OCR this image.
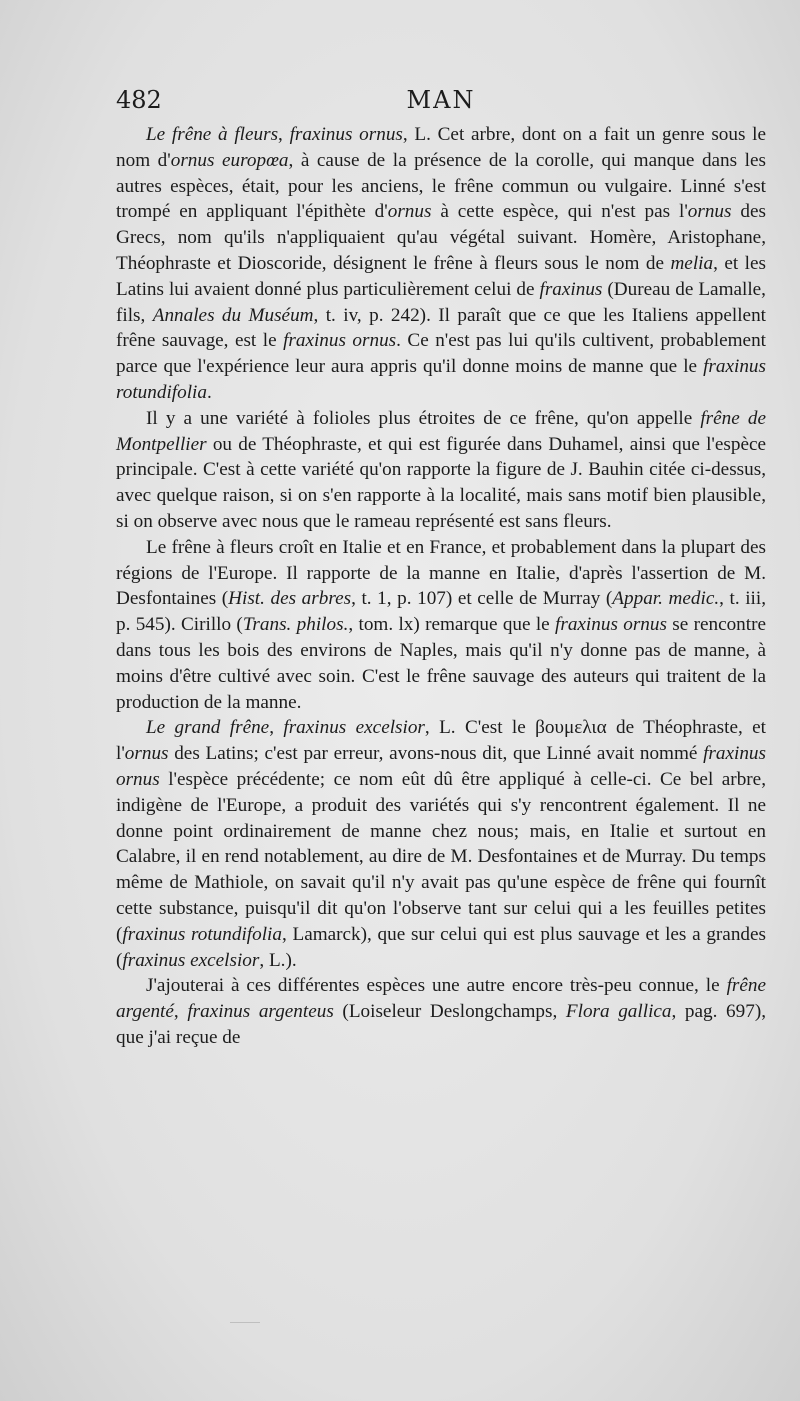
482	MAN

Le frêne à fleurs, fraxinus ornus, L. Cet arbre, dont on a fait un genre sous le nom d'ornus europœa, à cause de la présence de la corolle, qui manque dans les autres espèces, était, pour les anciens, le frêne commun ou vulgaire. Linné s'est trompé en appliquant l'épithète d'ornus à cette espèce, qui n'est pas l'ornus des Grecs, nom qu'ils n'appliquaient qu'au végétal suivant. Homère, Aristophane, Théophraste et Dioscoride, désignent le frêne à fleurs sous le nom de melia, et les Latins lui avaient donné plus particulièrement celui de fraxinus (Dureau de Lamalle, fils, Annales du Muséum, t. iv, p. 242). Il paraît que ce que les Italiens appellent frêne sauvage, est le fraxinus ornus. Ce n'est pas lui qu'ils cultivent, probablement parce que l'expérience leur aura appris qu'il donne moins de manne que le fraxinus rotundifolia.

Il y a une variété à folioles plus étroites de ce frêne, qu'on appelle frêne de Montpellier ou de Théophraste, et qui est figurée dans Duhamel, ainsi que l'espèce principale. C'est à cette variété qu'on rapporte la figure de J. Bauhin citée ci-dessus, avec quelque raison, si on s'en rapporte à la localité, mais sans motif bien plausible, si on observe avec nous que le rameau représenté est sans fleurs.

Le frêne à fleurs croît en Italie et en France, et probablement dans la plupart des régions de l'Europe. Il rapporte de la manne en Italie, d'après l'assertion de M. Desfontaines (Hist. des arbres, t. 1, p. 107) et celle de Murray (Appar. medic., t. iii, p. 545). Cirillo (Trans. philos., tom. lx) remarque que le fraxinus ornus se rencontre dans tous les bois des environs de Naples, mais qu'il n'y donne pas de manne, à moins d'être cultivé avec soin. C'est le frêne sauvage des auteurs qui traitent de la production de la manne.

Le grand frêne, fraxinus excelsior, L. C'est le βουμελια de Théophraste, et l'ornus des Latins; c'est par erreur, avons-nous dit, que Linné avait nommé fraxinus ornus l'espèce précédente; ce nom eût dû être appliqué à celle-ci. Ce bel arbre, indigène de l'Europe, a produit des variétés qui s'y rencontrent également. Il ne donne point ordinairement de manne chez nous; mais, en Italie et surtout en Calabre, il en rend notablement, au dire de M. Desfontaines et de Murray. Du temps même de Mathiole, on savait qu'il n'y avait pas qu'une espèce de frêne qui fournît cette substance, puisqu'il dit qu'on l'observe tant sur celui qui a les feuilles petites (fraxinus rotundifolia, Lamarck), que sur celui qui est plus sauvage et les a grandes (fraxinus excelsior, L.).

J'ajouterai à ces différentes espèces une autre encore très-peu connue, le frêne argenté, fraxinus argenteus (Loiseleur Deslongchamps, Flora gallica, pag. 697), que j'ai reçue de
